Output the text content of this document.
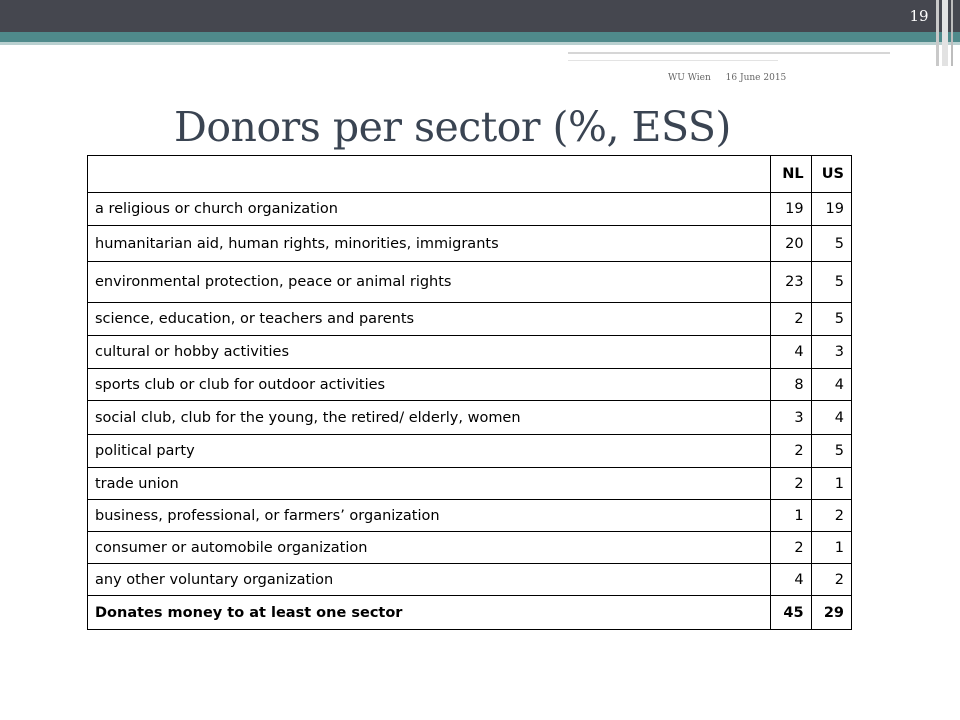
19
WU Wien 16 June 2015
Donors per sector (%, ESS)
	NL	US
a religious or church organization	19	19
humanitarian aid, human rights, minorities, immigrants	20	5
environmental protection, peace or animal rights	23	5
science, education, or teachers and parents	2	5
cultural or hobby activities	4	3
sports club or club for outdoor activities	8	4
social club, club for the young, the retired/ elderly, women	3	4
political party	2	5
trade union	2	1
business, professional, or farmers’ organization	1	2
consumer or automobile organization	2	1
any other voluntary organization	4	2
Donates money to at least one sector	45	29
